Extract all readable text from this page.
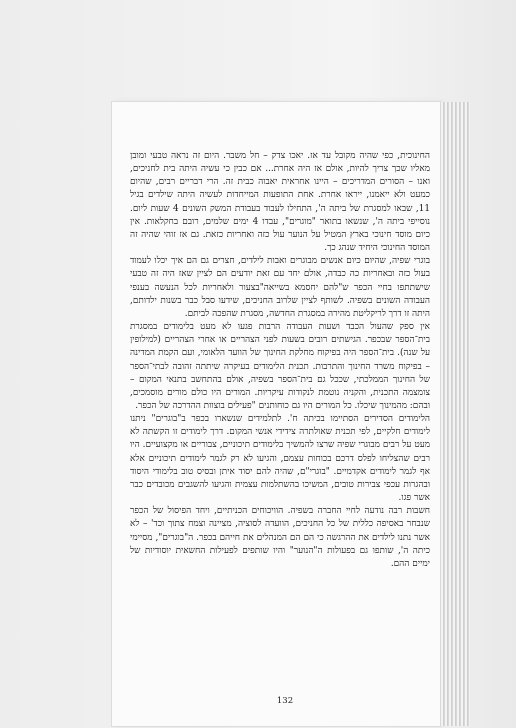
החינוכית, כפי שהיה מקובל עד אז. יאכו צדק – חל משבר. היום זה נראה טבעי ומובן מאליו שכך צריך להיות, אולם אז היה אחרת... אם כבין כי עשיה היתה בית לחניכים, ואנו – הסורים המדריכים – היינו אחראית יאבוה כבית זה. הרי דבריים רבים, שהיום כמעט ולא ייאמנו, ייראו אחרת. אחת התופעות המייחדות לעשיה היתה שילדים בגיל 11, שבאו למסגרת של ביתה ה', התחילו לעבוד בעבודת המשק השונים 4 שעות ליום. נוסייפי ביתה ה', שנשאו בתואר "מוגרים", עבדו 4 ימים שלמים, רובם בחקלאות. אין כיום מוסד חינוכי בארץ המטיל על הנוער עול כזה ואחריות כזאת. גם אז זוהי שהיה זה המוסד החינוכי היחיד שנהג כך.

בוגרי שפיה, שהיום כיום אנשים מבוגרים ואבות לילדים, חצרים גם הם איך יכלו לעמוד בעול כזה ובאחריות כה כבדה, אולם יחד עם זאת יודעים הם לציין שאז היה זה טבעי שישתתפו בחיי הכפר ש"להם יחסמא בשייאה"בצעור ולאחריות לכל הנעשה בענפי העבודה השונים בשפיה. לשותף לציין שלרוב החניכים, שידעו סבל כבר בשנות ילדותם, היתה זו דרך לריקליטת מהירה במסגרת החדשה, מסגרת שהפכה לביתם.

אין ספק שהעול הכבד ושעות העבודה הרבות פגעו לא מעט בלימודים במסגרת בית־הספר שבכפר. הגישתים רובים בשעות לפני הצהריים או אחרי הצהריים (למילופין על שנה). בית־הספר היה בפיקוח מחלקת החינוך של הוועד הלאומי, ועם הקמת המדינה – בפיקוח משרד החינוך והתרבות. תכנית הלימודים בעיקרה שיתתה זהובה לבתי־הספר של החינוך הממלכתי, שככל גם בית־הספר בשפיה, אולם בהתחשב בתנאי המקום – צומצמה התכנית, והקניה נוטמת לנקודות עיקריות. המורים היו כולם מורים מוסמכים, ובהם: מהמינוך שיכלו. כל המורים היו גם כוחותנים "פעילים בוצוות ההדרכה של הכפר.

הלימודים הסדירים הסתיימו בכיתה ח'. לתלמידים שנשארו בכפר ב"בוגרים" ניתנו לימודים חלקיים, לפי תכנית שאולתרה צידידי אנשי המקום. דרך לימודים זו הקשתה לא מעט על רבים מבוגרי שפיה שרצו להמשיך בלימודים תיכוניים, צבוריים או מקצועיים. היו רבים שהצליחו לפלס דרכם בכוחות עצמם, והגיעו לא רק לגמר לימודים תיכוניים אלא אף לגמר לימודים אקדמיים. "בוגרי"ם, שהיה להם יסוד איתן ובסיס טוב בלימודי היסוד ובהגרות עכפי צבירות טובים, המשיכו בהשתלמות עצמית והגיעו להשגבים מכובדים כבר אשר פגו.

חשבות רבה נודעה לחיי החברה בשפיה. הוויכוחים הכניתיים, ויחד הפיסול של הכפר שנבחר באסיפה כללית של כל החניכים, הוועדה לסוציה, מציינה וצמח צתוך וכד' – לא אשר נתנו לילדים את ההרגשה כי הם הם המנהלים את חייהם בכפר. ה"בוגרים", מסיימי כיתה ה', שותפו גם בפעולות ה"הנוער" והיו שותפים לפעילות החשאית יוסודיות של ימיים ההם.

132
